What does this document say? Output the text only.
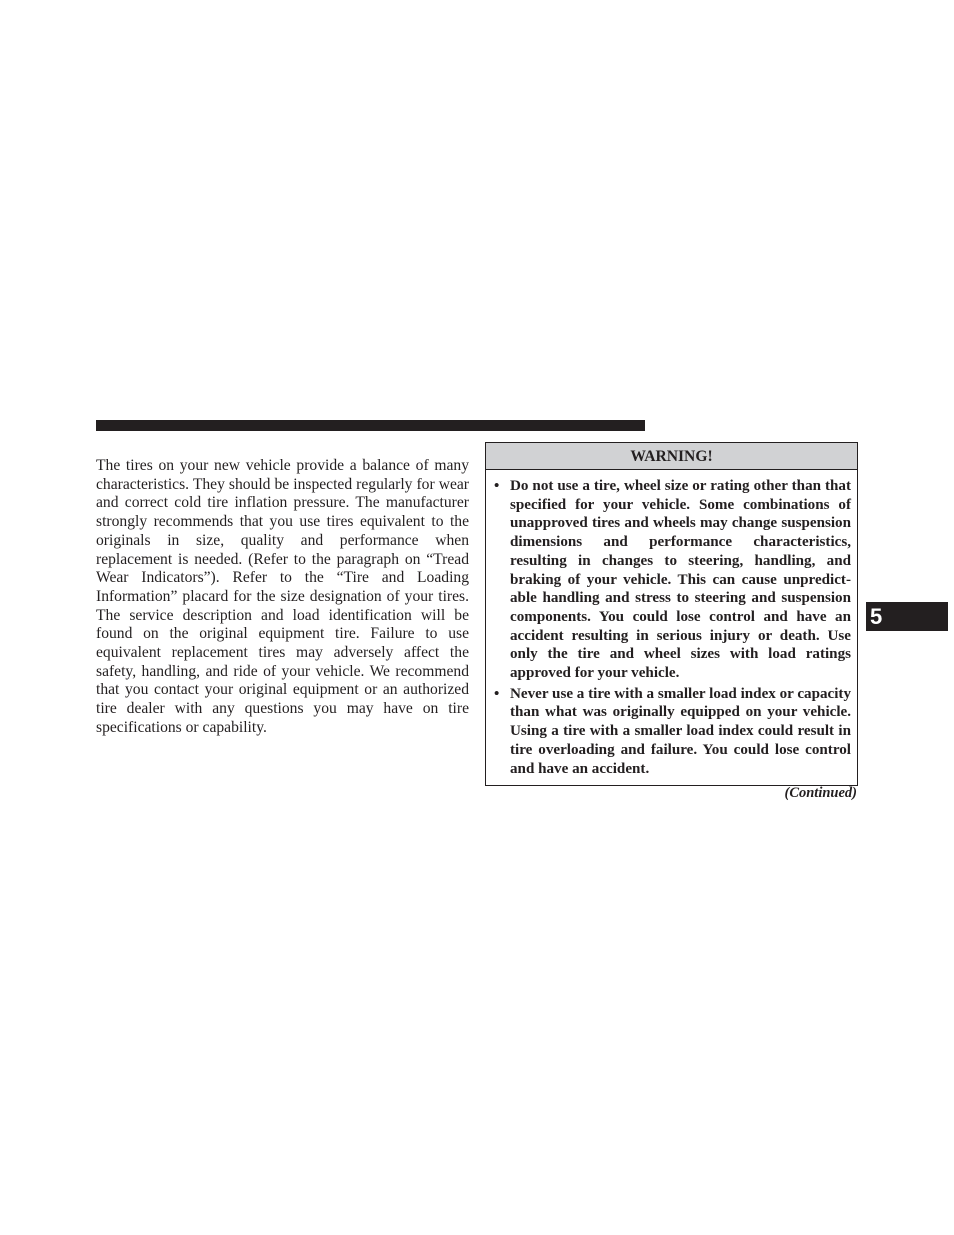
The tires on your new vehicle provide a balance of many characteristics. They should be inspected regularly for wear and correct cold tire inflation pressure. The manufacturer strongly recommends that you use tires equivalent to the originals in size, quality and performance when replacement is needed. (Refer to the paragraph on “Tread Wear Indicators”). Refer to the “Tire and Loading Information” placard for the size designation of your tires. The service description and load identification will be found on the original equipment tire. Failure to use equivalent replacement tires may adversely affect the safety, handling, and ride of your vehicle. We recommend that you contact your original equipment or an authorized tire dealer with any questions you may have on tire specifications or capability.

WARNING!
• Do not use a tire, wheel size or rating other than that specified for your vehicle. Some combinations of unapproved tires and wheels may change suspension dimensions and performance characteristics, resulting in changes to steering, handling, and braking of your vehicle. This can cause unpredictable handling and stress to steering and suspension components. You could lose control and have an accident resulting in serious injury or death. Use only the tire and wheel sizes with load ratings approved for your vehicle.
• Never use a tire with a smaller load index or capacity than what was originally equipped on your vehicle. Using a tire with a smaller load index could result in tire overloading and failure. You could lose control and have an accident.
(Continued)
5
